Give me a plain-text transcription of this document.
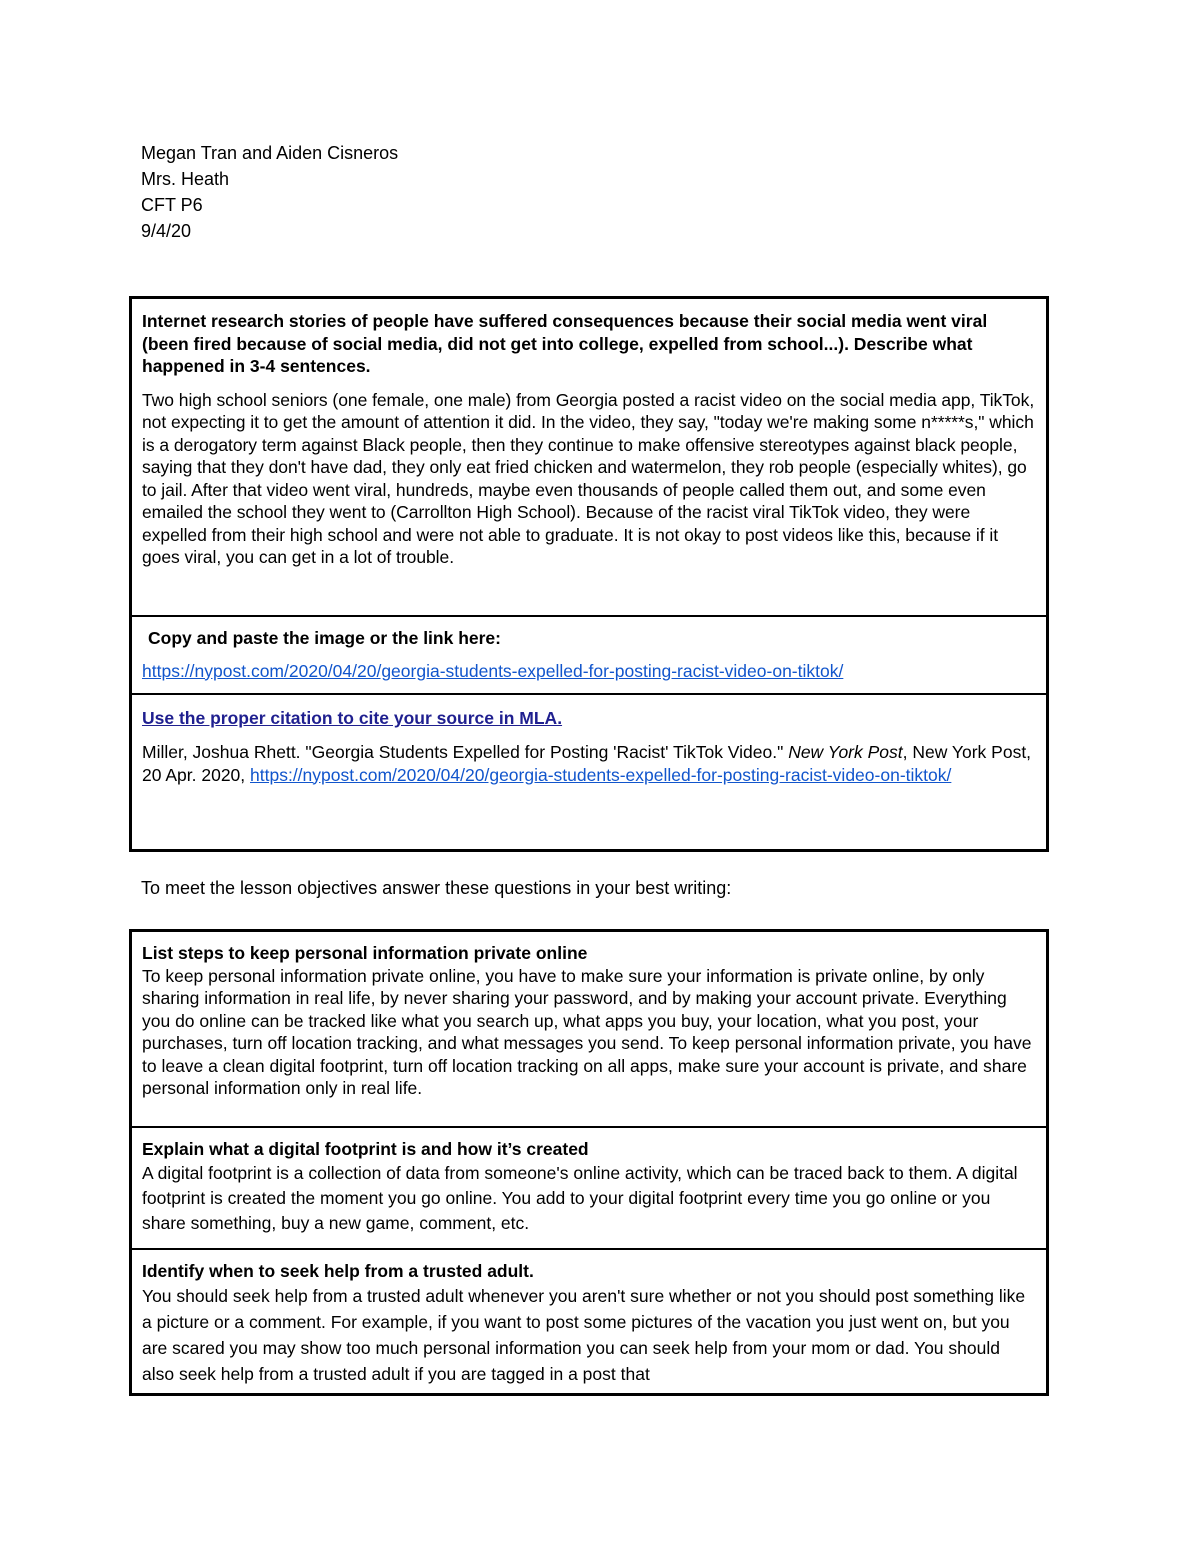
Megan Tran and Aiden Cisneros
Mrs. Heath
CFT P6
9/4/20
Internet research stories of people have suffered consequences because their social media went viral (been fired because of social media, did not get into college, expelled from school...). Describe what happened in 3-4 sentences.
Two high school seniors (one female, one male) from Georgia posted a racist video on the social media app, TikTok, not expecting it to get the amount of attention it did. In the video, they say, "today we're making some n*****s," which is a derogatory term against Black people, then they continue to make offensive stereotypes against black people, saying that they don't have dad, they only eat fried chicken and watermelon, they rob people (especially whites), go to jail. After that video went viral, hundreds, maybe even thousands of people called them out, and some even emailed the school they went to (Carrollton High School). Because of the racist viral TikTok video, they were expelled from their high school and were not able to graduate. It is not okay to post videos like this, because if it goes viral, you can get in a lot of trouble.
Copy and paste the image or the link here:
https://nypost.com/2020/04/20/georgia-students-expelled-for-posting-racist-video-on-tiktok/
Use the proper citation to cite your source in MLA.
Miller, Joshua Rhett. "Georgia Students Expelled for Posting 'Racist' TikTok Video." New York Post, New York Post, 20 Apr. 2020, https://nypost.com/2020/04/20/georgia-students-expelled-for-posting-racist-video-on-tiktok/
To meet the lesson objectives answer these questions in your best writing:
List steps to keep personal information private online
To keep personal information private online, you have to make sure your information is private online, by only sharing information in real life, by never sharing your password, and by making your account private. Everything you do online can be tracked like what you search up, what apps you buy, your location, what you post, your purchases, turn off location tracking, and what messages you send. To keep personal information private, you have to leave a clean digital footprint, turn off location tracking on all apps, make sure your account is private, and share personal information only in real life.
Explain what a digital footprint is and how it’s created
A digital footprint is a collection of data from someone's online activity, which can be traced back to them. A digital footprint is created the moment you go online. You add to your digital footprint every time you go online or you share something, buy a new game, comment, etc.
Identify when to seek help from a trusted adult.
You should seek help from a trusted adult whenever you aren't sure whether or not you should post something like a picture or a comment. For example, if you want to post some pictures of the vacation you just went on, but you are scared you may show too much personal information you can seek help from your mom or dad. You should also seek help from a trusted adult if you are tagged in a post that
